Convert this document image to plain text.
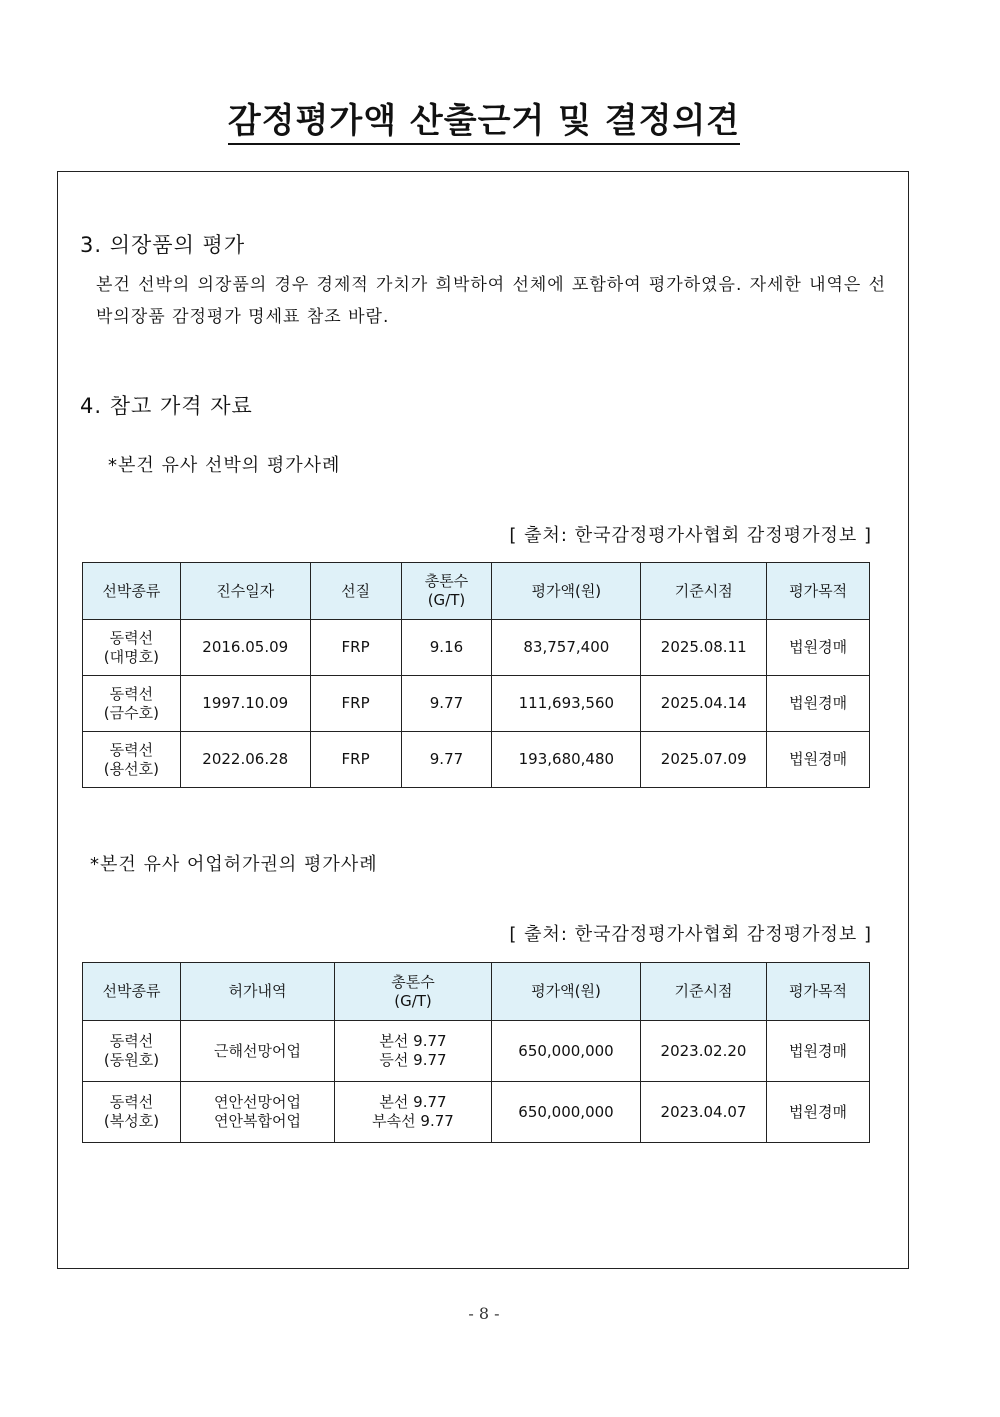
감정평가액 산출근거 및 결정의견
3. 의장품의 평가

본건 선박의 의장품의 경우 경제적 가치가 희박하여 선체에 포함하여 평가하였음. 자세한 내역은 선박의장품 감정평가 명세표 참조 바람.

4. 참고 가격 자료

*본건 유사 선박의 평가사례

[ 출처: 한국감정평가사협회 감정평가정보 ]

선박종류	진수일자	선질	총톤수
(G/T)	평가액(원)	기준시점	평가목적

동력선
(대명호)	2016.05.09	FRP	9.16	83,757,400	2025.08.11	법원경매

동력선
(금수호)	1997.10.09	FRP	9.77	111,693,560	2025.04.14	법원경매

동력선
(용선호)	2022.06.28	FRP	9.77	193,680,480	2025.07.09	법원경매

*본건 유사 어업허가권의 평가사례

[ 출처: 한국감정평가사협회 감정평가정보 ]

선박종류	허가내역	총톤수
(G/T)	평가액(원)	기준시점	평가목적

동력선
(동원호)	근해선망어업	본선 9.77
등선 9.77	650,000,000	2023.02.20	법원경매

동력선
(복성호)	연안선망어업
연안복합어업	본선 9.77
부속선 9.77	650,000,000	2023.04.07	법원경매
- 8 -
